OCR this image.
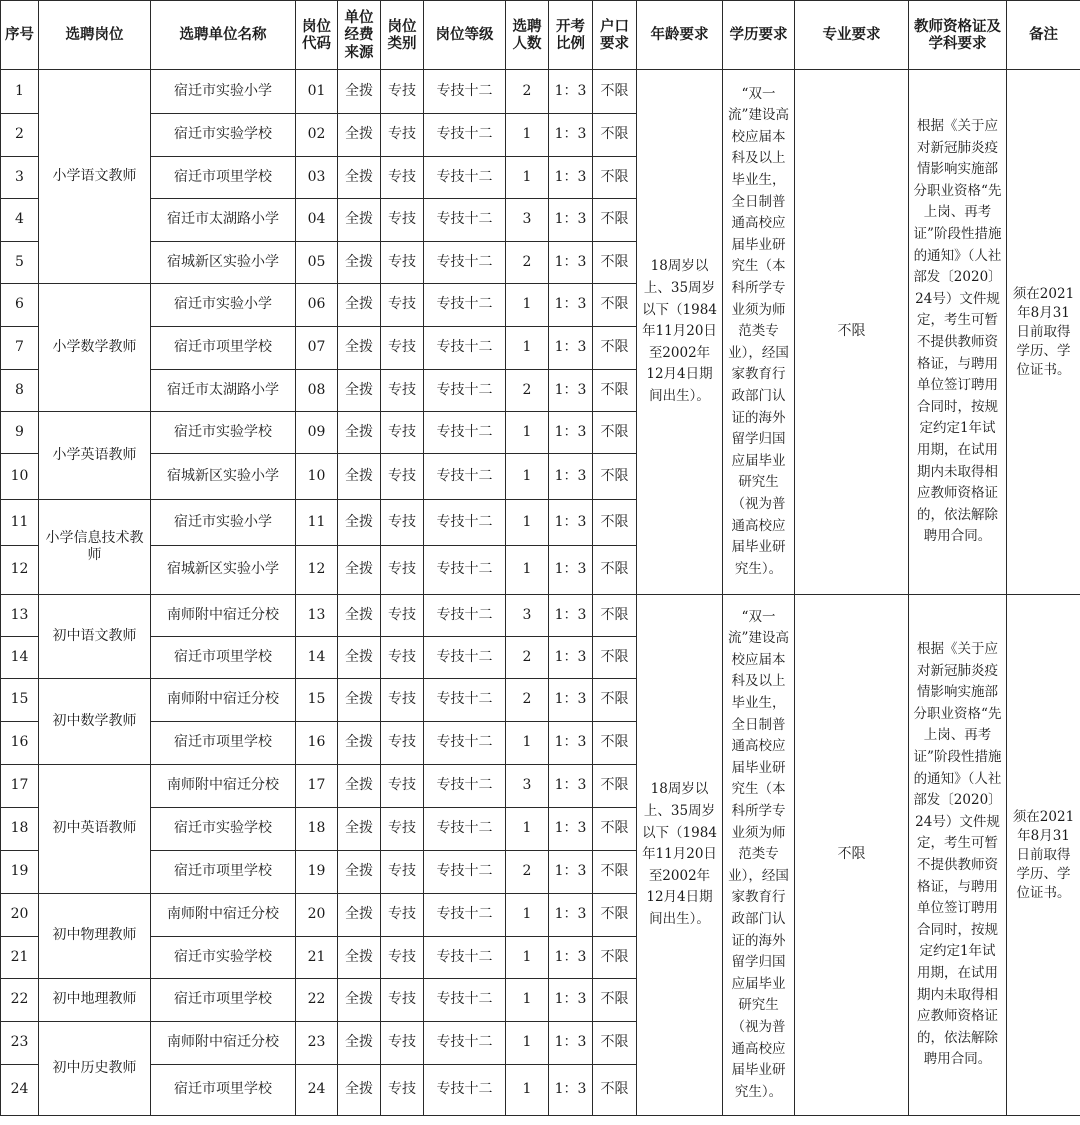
序号	选聘岗位	选聘单位名称	岗位代码	单位经费来源	岗位类别	岗位等级	选聘人数	开考比例	户口要求	年龄要求	学历要求	专业要求	教师资格证及学科要求	备注
1	小学语文教师	宿迁市实验小学	01	全拨	专技	专技十二	2	1：3	不限	18周岁以上、35周岁以下（1984年11月20日至2002年12月4日期间出生）。	“双一流”建设高校应届本科及以上毕业生，全日制普通高校应届毕业研究生（本科所学专业须为师范类专业），经国家教育行政部门认证的海外留学归国应届毕业研究生（视为普通高校应届毕业研究生）。	不限	根据《关于应对新冠肺炎疫情影响实施部分职业资格“先上岗、再考证”阶段性措施的通知》（人社部发〔2020〕24号）文件规定，考生可暂不提供教师资格证，与聘用单位签订聘用合同时，按规定约定1年试用期，在试用期内未取得相应教师资格证的，依法解除聘用合同。	须在2021年8月31日前取得学历、学位证书。
2		宿迁市实验学校	02	全拨	专技	专技十二	1	1：3	不限					
3		宿迁市项里学校	03	全拨	专技	专技十二	1	1：3	不限					
4		宿迁市太湖路小学	04	全拨	专技	专技十二	3	1：3	不限					
5		宿城新区实验小学	05	全拨	专技	专技十二	2	1：3	不限					
6	小学数学教师	宿迁市实验小学	06	全拨	专技	专技十二	1	1：3	不限					
7		宿迁市项里学校	07	全拨	专技	专技十二	1	1：3	不限					
8		宿迁市太湖路小学	08	全拨	专技	专技十二	2	1：3	不限					
9	小学英语教师	宿迁市实验学校	09	全拨	专技	专技十二	1	1：3	不限					
10		宿城新区实验小学	10	全拨	专技	专技十二	1	1：3	不限					
11	小学信息技术教师	宿迁市实验小学	11	全拨	专技	专技十二	1	1：3	不限					
12		宿城新区实验小学	12	全拨	专技	专技十二	1	1：3	不限					
13	初中语文教师	南师附中宿迁分校	13	全拨	专技	专技十二	3	1：3	不限	18周岁以上、35周岁以下（1984年11月20日至2002年12月4日期间出生）。	“双一流”建设高校应届本科及以上毕业生，全日制普通高校应届毕业研究生（本科所学专业须为师范类专业），经国家教育行政部门认证的海外留学归国应届毕业研究生（视为普通高校应届毕业研究生）。	不限	根据《关于应对新冠肺炎疫情影响实施部分职业资格“先上岗、再考证”阶段性措施的通知》（人社部发〔2020〕24号）文件规定，考生可暂不提供教师资格证，与聘用单位签订聘用合同时，按规定约定1年试用期，在试用期内未取得相应教师资格证的，依法解除聘用合同。	须在2021年8月31日前取得学历、学位证书。
14		宿迁市项里学校	14	全拨	专技	专技十二	2	1：3	不限					
15	初中数学教师	南师附中宿迁分校	15	全拨	专技	专技十二	2	1：3	不限					
16		宿迁市项里学校	16	全拨	专技	专技十二	1	1：3	不限					
17	初中英语教师	南师附中宿迁分校	17	全拨	专技	专技十二	3	1：3	不限					
18		宿迁市实验学校	18	全拨	专技	专技十二	1	1：3	不限					
19		宿迁市项里学校	19	全拨	专技	专技十二	2	1：3	不限					
20	初中物理教师	南师附中宿迁分校	20	全拨	专技	专技十二	1	1：3	不限					
21		宿迁市实验学校	21	全拨	专技	专技十二	1	1：3	不限					
22	初中地理教师	宿迁市项里学校	22	全拨	专技	专技十二	1	1：3	不限					
23	初中历史教师	南师附中宿迁分校	23	全拨	专技	专技十二	1	1：3	不限					
24		宿迁市项里学校	24	全拨	专技	专技十二	1	1：3	不限					
